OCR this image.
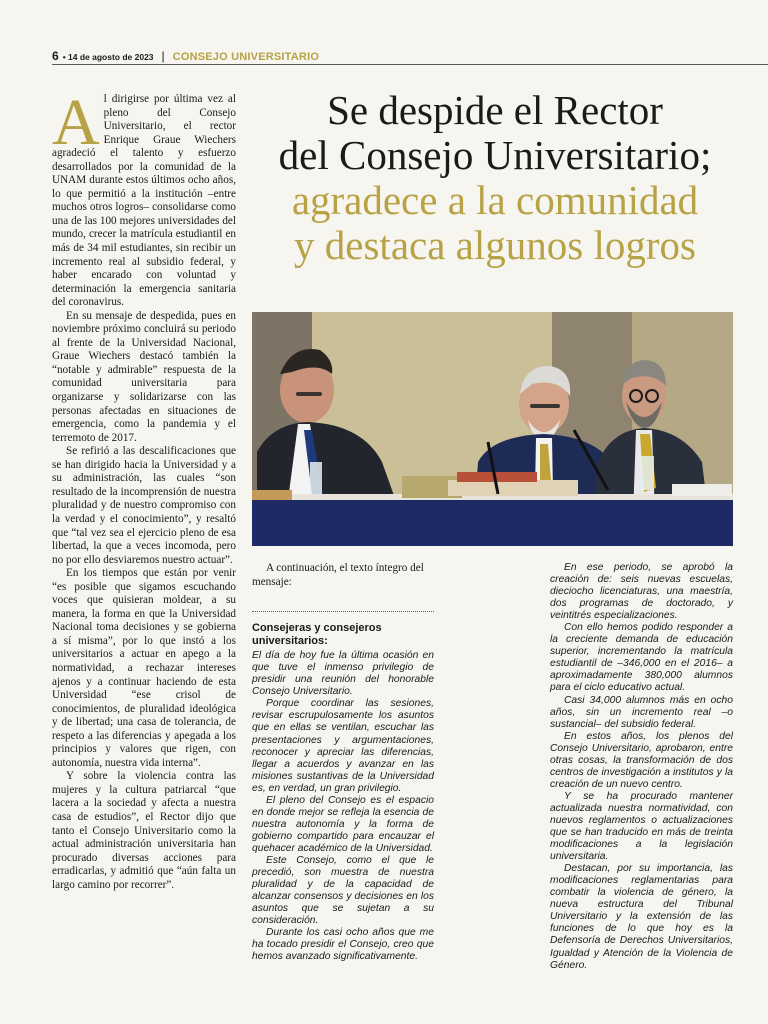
6 • 14 de agosto de 2023 | CONSEJO UNIVERSITARIO
Se despide el Rector
del Consejo Universitario;
agradece a la comunidad
y destaca algunos logros

Al dirigirse por última vez al pleno del Consejo Universitario, el rector Enrique Graue Wiechers agradeció el talento y esfuerzo desarrollados por la comunidad de la UNAM durante estos últimos ocho años, lo que permitió a la institución –entre muchos otros logros– consolidarse como una de las 100 mejores universidades del mundo, crecer la matrícula estudiantil en más de 34 mil estudiantes, sin recibir un incremento real al subsidio federal, y haber encarado con voluntad y determinación la emergencia sanitaria del coronavirus.

En su mensaje de despedida, pues en noviembre próximo concluirá su periodo al frente de la Universidad Nacional, Graue Wiechers destacó también la “notable y admirable” respuesta de la comunidad universitaria para organizarse y solidarizarse con las personas afectadas en situaciones de emergencia, como la pandemia y el terremoto de 2017.

Se refirió a las descalificaciones que se han dirigido hacia la Universidad y a su administración, las cuales “son resultado de la incomprensión de nuestra pluralidad y de nuestro compromiso con la verdad y el conocimiento”, y resaltó que “tal vez sea el ejercicio pleno de esa libertad, la que a veces incomoda, pero no por ello desviaremos nuestro actuar”.

En los tiempos que están por venir “es posible que sigamos escuchando voces que quisieran moldear, a su manera, la forma en que la Universidad Nacional toma decisiones y se gobierna a sí misma”, por lo que instó a los universitarios a actuar en apego a la normatividad, a rechazar intereses ajenos y a continuar haciendo de esta Universidad “ese crisol de conocimientos, de pluralidad ideológica y de libertad; una casa de tolerancia, de respeto a las diferencias y apegada a los principios y valores que rigen, con autonomía, nuestra vida interna”.

Y sobre la violencia contra las mujeres y la cultura patriarcal “que lacera a la sociedad y afecta a nuestra casa de estudios”, el Rector dijo que tanto el Consejo Universitario como la actual administración universitaria han procurado diversas acciones para erradicarlas, y admitió que “aún falta un largo camino por recorrer”.

A continuación, el texto íntegro del mensaje:

Consejeras y consejeros universitarios:

El día de hoy fue la última ocasión en que tuve el inmenso privilegio de presidir una reunión del honorable Consejo Universitario.

Porque coordinar las sesiones, revisar escrupulosamente los asuntos que en ellas se ventilan, escuchar las presentaciones y argumentaciones, reconocer y apreciar las diferencias, llegar a acuerdos y avanzar en las misiones sustantivas de la Universidad es, en verdad, un gran privilegio.

El pleno del Consejo es el espacio en donde mejor se refleja la esencia de nuestra autonomía y la forma de gobierno compartido para encauzar el quehacer académico de la Universidad.

Este Consejo, como el que le precedió, son muestra de nuestra pluralidad y de la capacidad de alcanzar consensos y decisiones en los asuntos que se sujetan a su consideración.

Durante los casi ocho años que me ha tocado presidir el Consejo, creo que hemos avanzado significativamente.

En ese periodo, se aprobó la creación de: seis nuevas escuelas, dieciocho licenciaturas, una maestría, dos programas de doctorado, y veintitrés especializaciones.

Con ello hemos podido responder a la creciente demanda de educación superior, incrementando la matrícula estudiantil de –346,000 en el 2016– a aproximadamente 380,000 alumnos para el ciclo educativo actual.

Casi 34,000 alumnos más en ocho años, sin un incremento real –o sustancial– del subsidio federal.

En estos años, los plenos del Consejo Universitario, aprobaron, entre otras cosas, la transformación de dos centros de investigación a institutos y la creación de un nuevo centro.

Y se ha procurado mantener actualizada nuestra normatividad, con nuevos reglamentos o actualizaciones que se han traducido en más de treinta modificaciones a la legislación universitaria.

Destacan, por su importancia, las modificaciones reglamentarias para combatir la violencia de género, la nueva estructura del Tribunal Universitario y la extensión de las funciones de lo que hoy es la Defensoría de Derechos Universitarios, Igualdad y Atención de la Violencia de Género.
